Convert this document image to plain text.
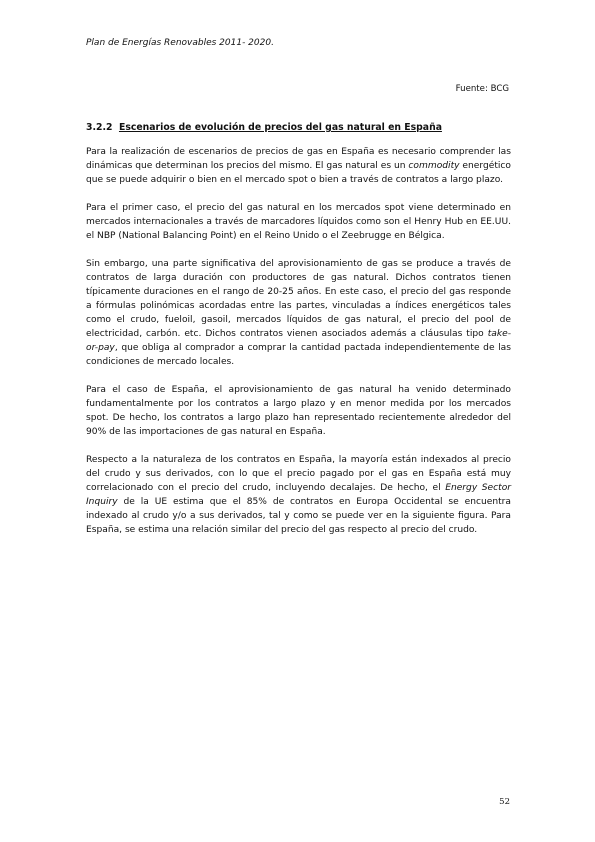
Plan de Energías Renovables 2011- 2020.

Fuente: BCG

3.2.2 Escenarios de evolución de precios del gas natural en España

Para la realización de escenarios de precios de gas en España es necesario comprender las dinámicas que determinan los precios del mismo. El gas natural es un commodity energético que se puede adquirir o bien en el mercado spot o bien a través de contratos a largo plazo.

Para el primer caso, el precio del gas natural en los mercados spot viene determinado en mercados internacionales a través de marcadores líquidos como son el Henry Hub en EE.UU. el NBP (National Balancing Point) en el Reino Unido o el Zeebrugge en Bélgica.

Sin embargo, una parte significativa del aprovisionamiento de gas se produce a través de contratos de larga duración con productores de gas natural. Dichos contratos tienen típicamente duraciones en el rango de 20-25 años. En este caso, el precio del gas responde a fórmulas polinómicas acordadas entre las partes, vinculadas a índices energéticos tales como el crudo, fueloil, gasoil, mercados líquidos de gas natural, el precio del pool de electricidad, carbón. etc. Dichos contratos vienen asociados además a cláusulas tipo take-or-pay, que obliga al comprador a comprar la cantidad pactada independientemente de las condiciones de mercado locales.

Para el caso de España, el aprovisionamiento de gas natural ha venido determinado fundamentalmente por los contratos a largo plazo y en menor medida por los mercados spot. De hecho, los contratos a largo plazo han representado recientemente alrededor del 90% de las importaciones de gas natural en España.

Respecto a la naturaleza de los contratos en España, la mayoría están indexados al precio del crudo y sus derivados, con lo que el precio pagado por el gas en España está muy correlacionado con el precio del crudo, incluyendo decalajes. De hecho, el Energy Sector Inquiry de la UE estima que el 85% de contratos en Europa Occidental se encuentra indexado al crudo y/o a sus derivados, tal y como se puede ver en la siguiente figura. Para España, se estima una relación similar del precio del gas respecto al precio del crudo.

52
